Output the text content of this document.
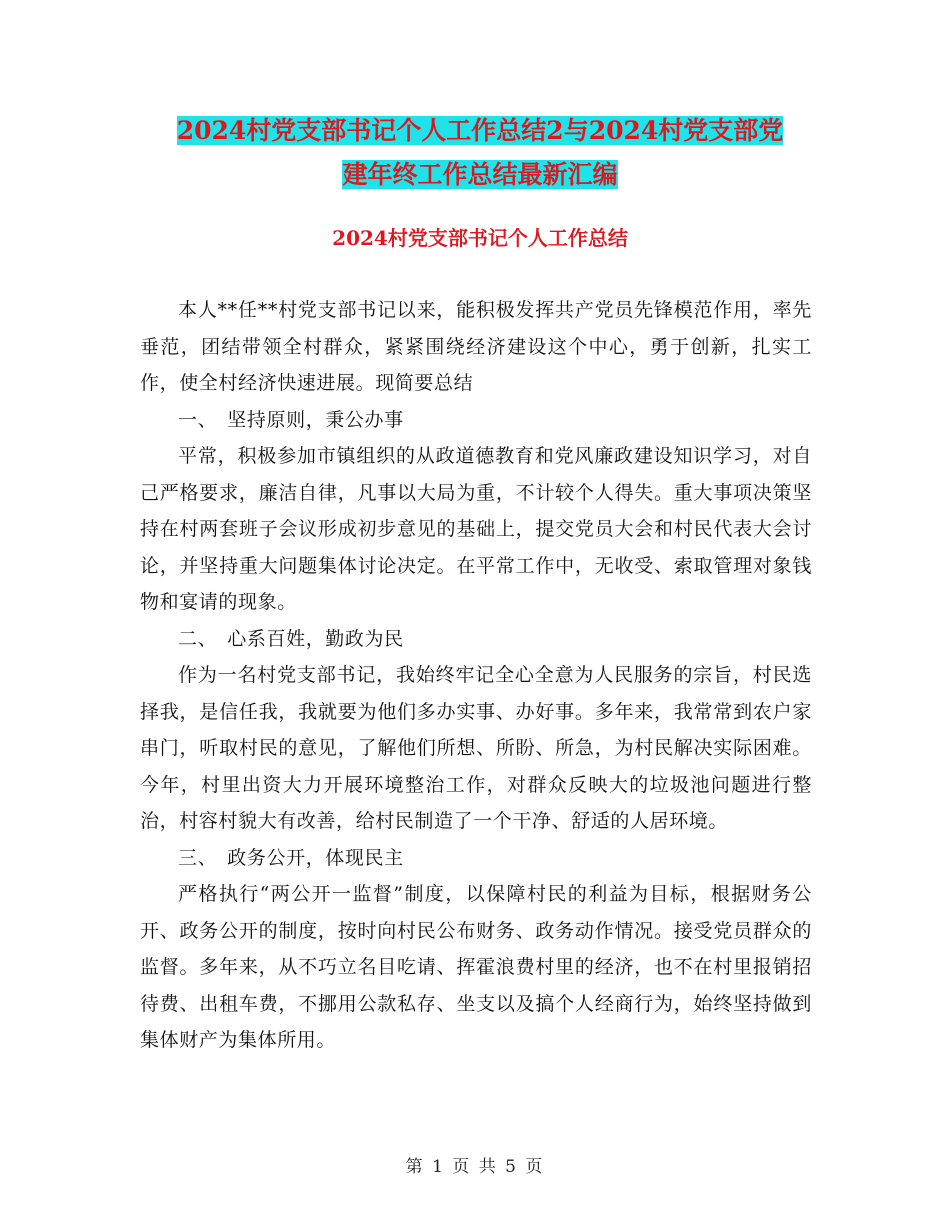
2024村党支部书记个人工作总结2与2024村党支部党
建年终工作总结最新汇编
2024村党支部书记个人工作总结

本人**任**村党支部书记以来，能积极发挥共产党员先锋模范作用，率先垂范，团结带领全村群众，紧紧围绕经济建设这个中心，勇于创新，扎实工作，使全村经济快速进展。现简要总结

一、　坚持原则，秉公办事

平常，积极参加市镇组织的从政道德教育和党风廉政建设知识学习，对自己严格要求，廉洁自律，凡事以大局为重，不计较个人得失。重大事项决策坚持在村两套班子会议形成初步意见的基础上，提交党员大会和村民代表大会讨论，并坚持重大问题集体讨论决定。在平常工作中，无收受、索取管理对象钱物和宴请的现象。

二、　心系百姓，勤政为民

作为一名村党支部书记，我始终牢记全心全意为人民服务的宗旨，村民选择我，是信任我，我就要为他们多办实事、办好事。多年来，我常常到农户家串门，听取村民的意见，了解他们所想、所盼、所急，为村民解决实际困难。今年，村里出资大力开展环境整治工作，对群众反映大的垃圾池问题进行整治，村容村貌大有改善，给村民制造了一个干净、舒适的人居环境。

三、　政务公开，体现民主

严格执行“两公开一监督”制度，以保障村民的利益为目标，根据财务公开、政务公开的制度，按时向村民公布财务、政务动作情况。接受党员群众的监督。多年来，从不巧立名目吃请、挥霍浪费村里的经济，也不在村里报销招待费、出租车费，不挪用公款私存、坐支以及搞个人经商行为，始终坚持做到集体财产为集体所用。

第 1 页 共 5 页
